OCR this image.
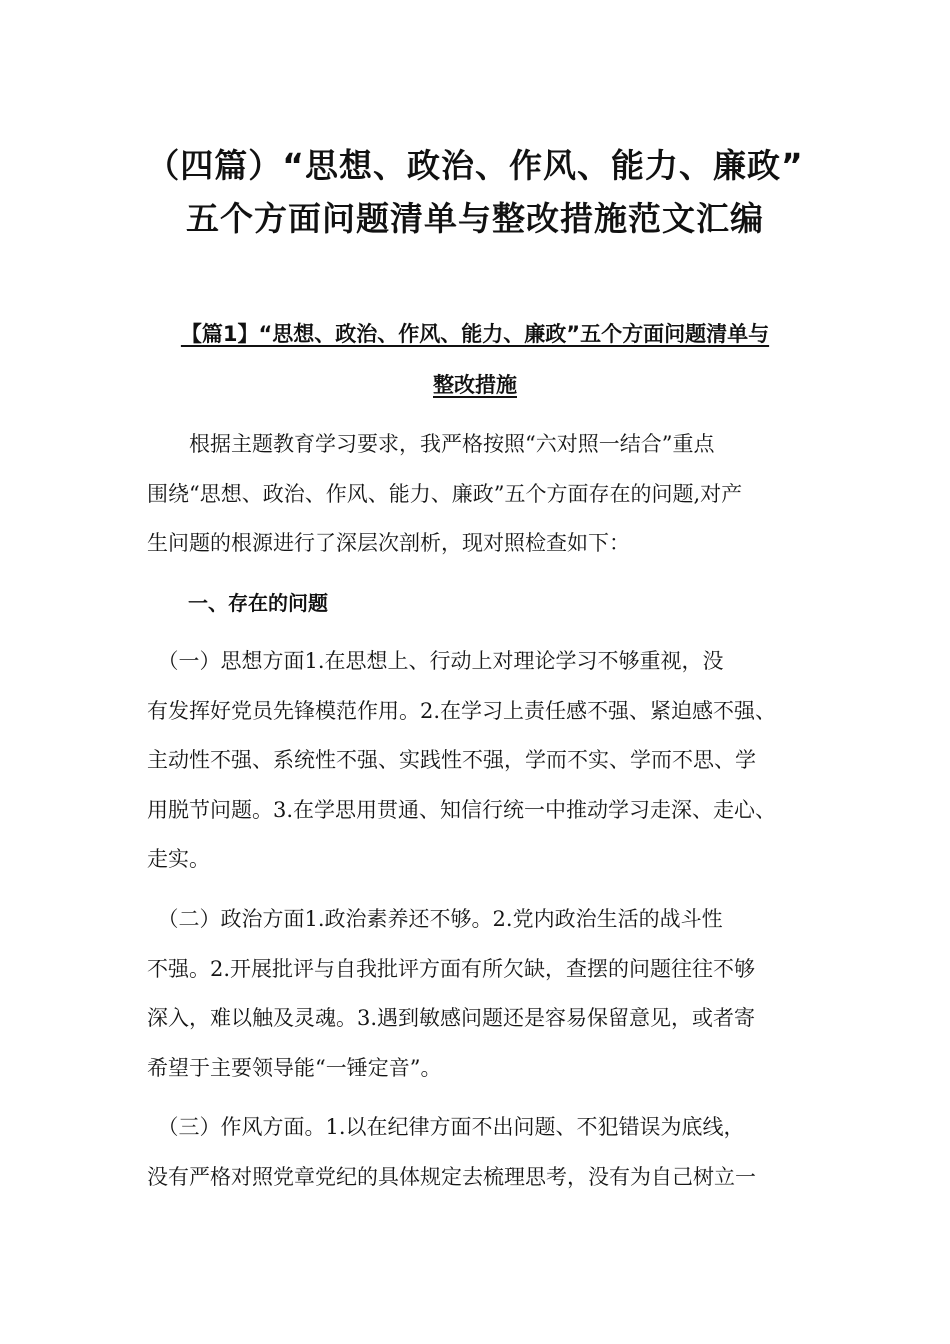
（四篇）“思想、政治、作风、能力、廉政”
五个方面问题清单与整改措施范文汇编
【篇1】“思想、政治、作风、能力、廉政”五个方面问题清单与
整改措施
　　根据主题教育学习要求，我严格按照“六对照一结合”重点
围绕“思想、政治、作风、能力、廉政”五个方面存在的问题,对产
生问题的根源进行了深层次剖析，现对照检查如下：
一、存在的问题
　（一）思想方面1.在思想上、行动上对理论学习不够重视，没
有发挥好党员先锋模范作用。2.在学习上责任感不强、紧迫感不强、
主动性不强、系统性不强、实践性不强，学而不实、学而不思、学
用脱节问题。3.在学思用贯通、知信行统一中推动学习走深、走心、
走实。
　（二）政治方面1.政治素养还不够。2.党内政治生活的战斗性
不强。2.开展批评与自我批评方面有所欠缺，查摆的问题往往不够
深入，难以触及灵魂。3.遇到敏感问题还是容易保留意见，或者寄
希望于主要领导能“一锤定音”。
　（三）作风方面。1.以在纪律方面不出问题、不犯错误为底线，
没有严格对照党章党纪的具体规定去梳理思考，没有为自己树立一
